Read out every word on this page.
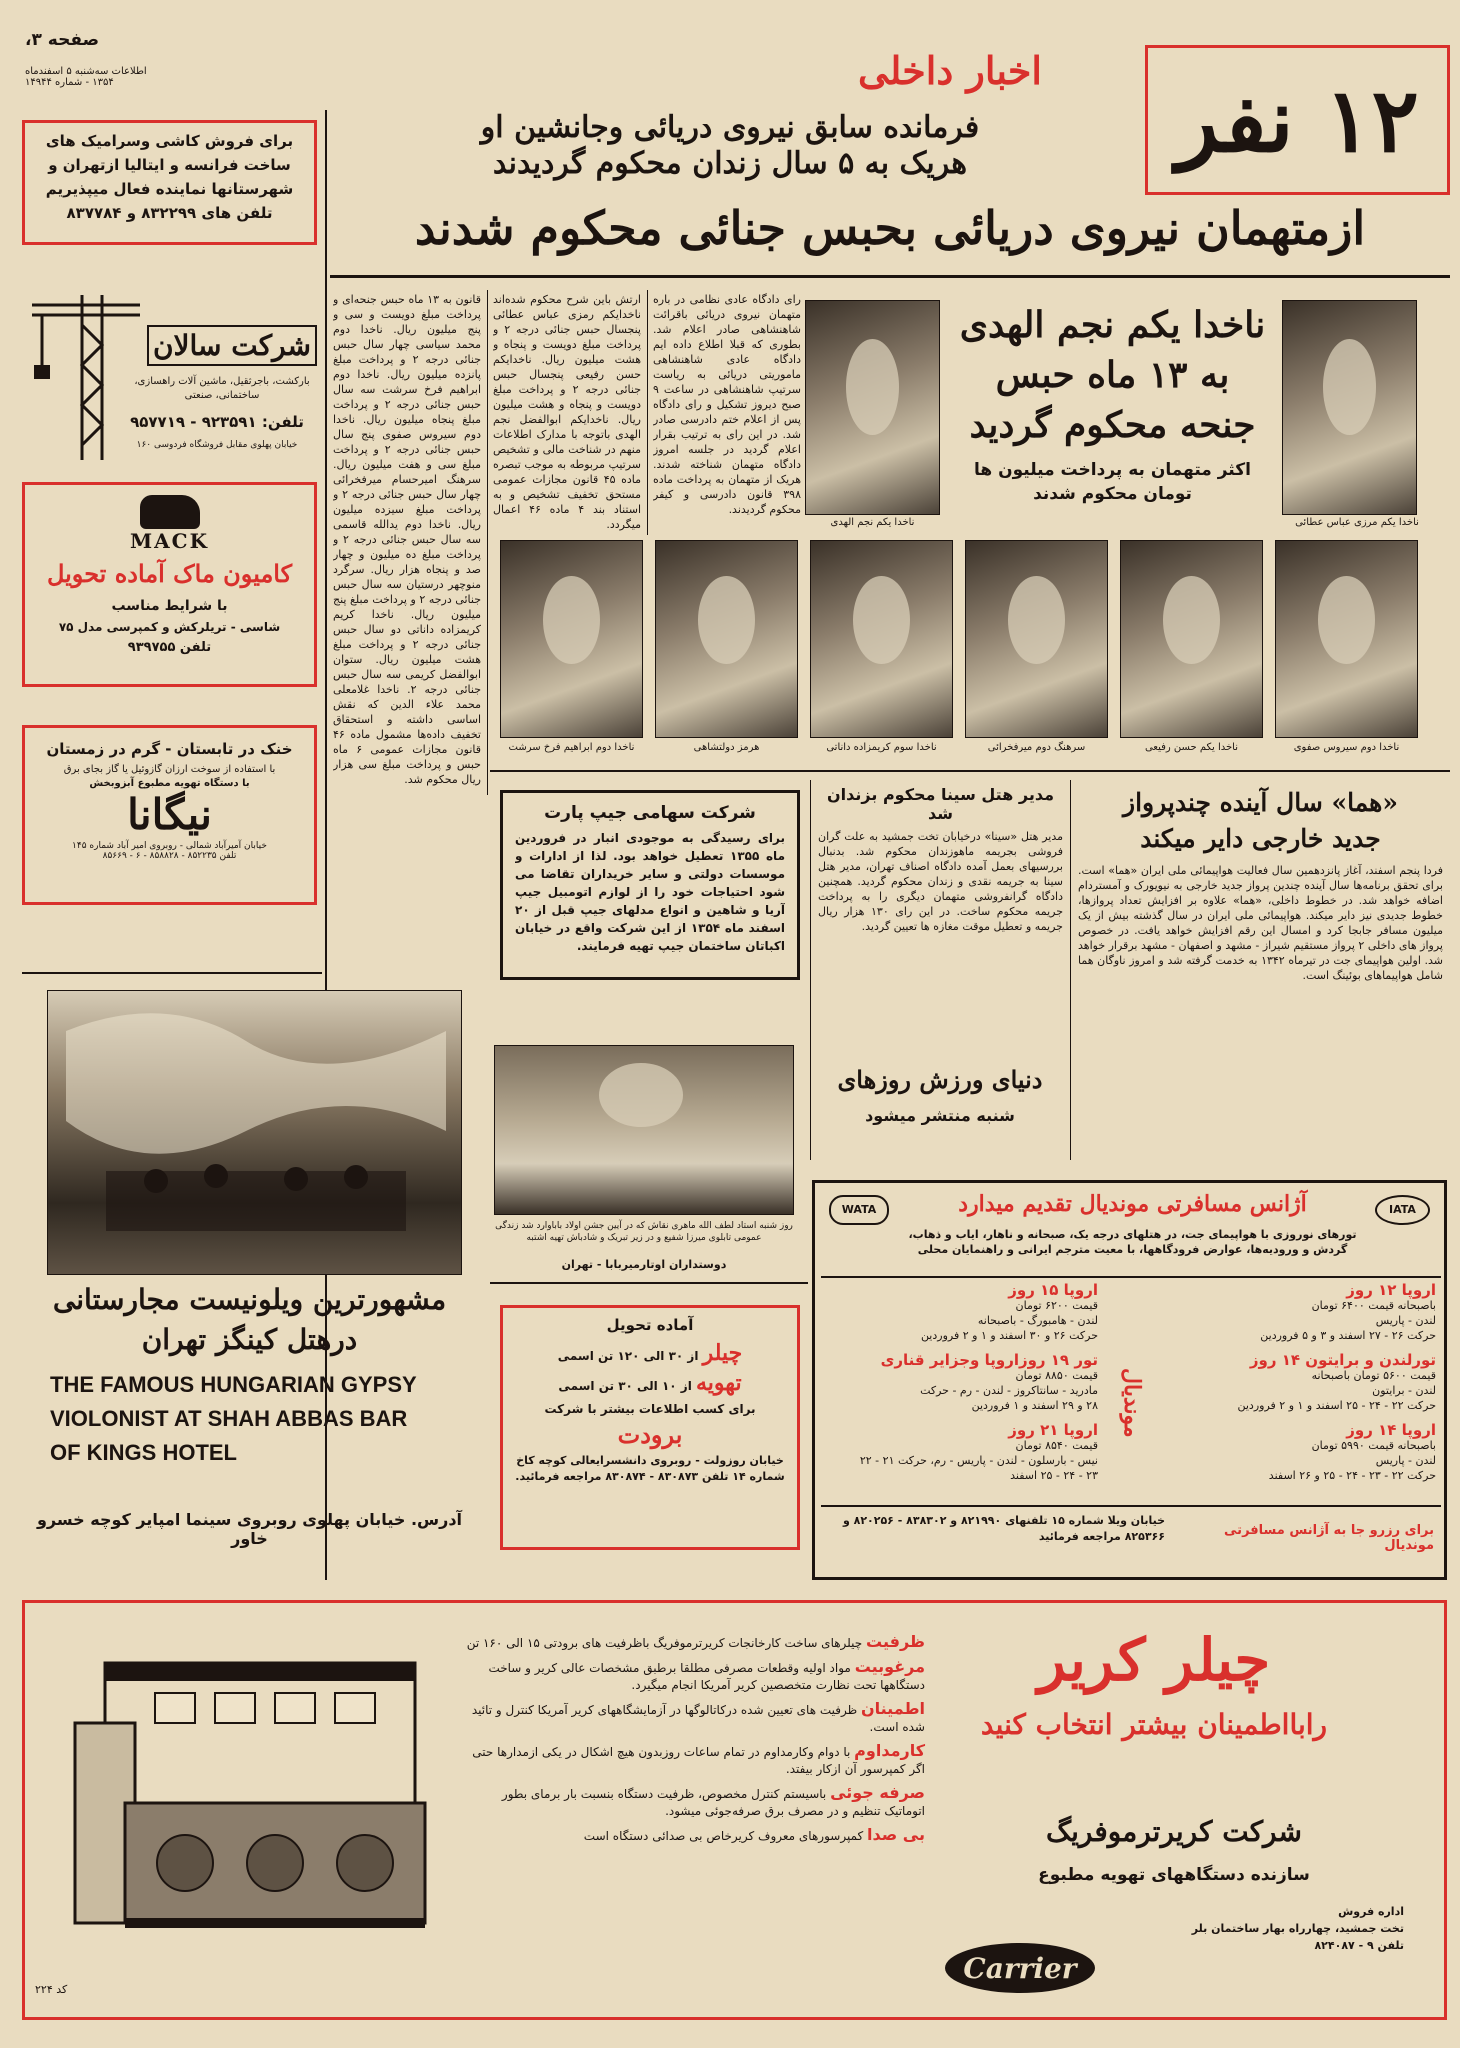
صفحه ۳،
اطلاعات سه‌شنبه ۵ اسفندماه
۱۳۵۴ - شماره ۱۴۹۴۴	اخبار داخلی	۱۲ نفر
فرمانده سابق نیروی دریائی وجانشین او
هریک به ۵ سال زندان محکوم گردیدند
ازمتهمان نیروی دریائی بحبس جنائی محکوم شدند
برای فروش کاشی وسرامیک های
ساخت فرانسه و ایتالیا ازتهران و
شهرستانها نماینده فعال میپذیریم
تلفن های ۸۳۲۲۹۹ و ۸۳۷۷۸۴
شرکت سالان
بارکشت، باجرثقیل، ماشین آلات راهسازی، ساختمانی، صنعتی
تلفن: ۹۲۳۵۹۱ - ۹۵۷۷۱۹
خیابان پهلوی مقابل فروشگاه فردوسی ۱۶۰
MACK
کامیون ماک آماده تحویل
با شرایط مناسب
شاسی - تریلرکش و کمپرسی مدل ۷۵
تلفن ۹۳۹۷۵۵
خنک در تابستان - گرم در زمستان
با استفاده از سوخت ارزان گازوئیل یا گاز بجای برق
با دستگاه تهویه مطبوع آبزوبخش
نیگانا
خیابان آمیرآباد شمالی - روبروی امیر آباد شماره ۱۴۵
تلفن ۸۵۲۲۳۵ - ۸۵۸۸۲۸ - ۶ - ۸۵۶۶۹
مشهورترین ویلونیست مجارستانی
درهتل کینگز تهران
THE FAMOUS HUNGARIAN GYPSY
VIOLONIST AT SHAH ABBAS BAR
OF KINGS HOTEL
آدرس. خیابان پهلوی روبروی سینما امپایر کوچه خسرو خاور
قانون به ۱۳ ماه حبس جنحه‌ای و پرداخت مبلغ دویست و سی و پنج میلیون ریال. ناخدا دوم محمد سیاسی چهار سال حبس جنائی درجه ۲ و پرداخت مبلغ پانزده میلیون ریال. ناخدا دوم ابراهیم فرخ سرشت سه سال حبس جنائی درجه ۲ و پرداخت مبلغ پنجاه میلیون ریال. ناخدا دوم سیروس صفوی پنج سال حبس جنائی درجه ۲ و پرداخت مبلغ سی و هفت میلیون ریال. سرهنگ امیرحسام میرفخرائی چهار سال حبس جنائی درجه ۲ و پرداخت مبلغ سیزده میلیون ریال. ناخدا دوم یدالله قاسمی سه سال حبس جنائی درجه ۲ و پرداخت مبلغ ده میلیون و چهار صد و پنجاه هزار ریال. سرگرد منوچهر درستیان سه سال حبس جنائی درجه ۲ و پرداخت مبلغ پنج میلیون ریال. ناخدا کریم کریمزاده داناتی دو سال حبس جنائی درجه ۲ و پرداخت مبلغ هشت میلیون ریال. ستوان ابوالفضل کریمی سه سال حبس جنائی درجه ۲. ناخدا غلامعلی محمد علاء الدین که نقش اساسی داشته و استحقاق تخفیف داده‌ها مشمول ماده ۴۶ قانون مجازات عمومی ۶ ماه حبس و پرداخت مبلغ سی هزار ریال محکوم شد.
ارتش باین شرح محکوم شده‌اند ناخدایکم رمزی عباس عطائی پنجسال حبس جنائی درجه ۲ و پرداخت مبلغ دویست و پنجاه و هشت میلیون ریال. ناخدایکم حسن رفیعی پنجسال حبس جنائی درجه ۲ و پرداخت مبلغ دویست و پنجاه و هشت میلیون ریال. ناخدایکم ابوالفضل نجم الهدی باتوجه با مدارک اطلاعات منهم در شناخت مالی و تشخیص سرتیپ مربوطه به موجب تبصره ماده ۴۵ قانون مجازات عمومی مستحق تخفیف تشخیص و به استناد بند ۴ ماده ۴۶ اعمال میگردد.
رای دادگاه عادی نظامی در باره متهمان نیروی دریائی باقرائت شاهنشاهی صادر اعلام شد. بطوری که قبلا اطلاع داده ایم دادگاه عادی شاهنشاهی ماموریتی دریائی به ریاست سرتیپ شاهنشاهی در ساعت ۹ صبح دیروز تشکیل و رای دادگاه پس از اعلام ختم دادرسی صادر شد. در این رای به ترتیب بقرار اعلام گردید در جلسه امروز دادگاه متهمان شناخته شدند. هریک از متهمان به پرداخت ماده ۳۹۸ قانون دادرسی و کیفر محکوم گردیدند.
ناخدا یکم نجم الهدی	ناخدا یکم مرزی عباس عطائی
ناخدا یکم نجم الهدی
به ۱۳ ماه حبس
جنحه محکوم گردید
اکثر متهمان به پرداخت میلیون ها
تومان محکوم شدند
ناخدا دوم سیروس صفوی
ناخدا یکم حسن رفیعی
سرهنگ دوم میرفخرائی
ناخدا سوم کریمزاده داناتی
هرمز دولتشاهی
ناخدا دوم ابراهیم فرخ سرشت
شرکت سهامی جیپ پارت
برای رسیدگی به موجودی انبار در فروردین ماه ۱۳۵۵ تعطیل خواهد بود. لذا از ادارات و موسسات دولتی و سایر خریداران تقاضا می شود احتیاجات خود را از لوازم اتومبیل جیپ آریا و شاهین و انواع مدلهای جیپ قبل از ۲۰ اسفند ماه ۱۳۵۴ از این شرکت واقع در خیابان اکباتان ساختمان جیپ تهیه فرمایند.
مدیر هتل سینا محکوم بزندان شد
مدیر هتل «سینا» درخیابان تخت جمشید به علت گران فروشی بجریمه ماهوزندان محکوم شد. بدنبال بررسیهای بعمل آمده دادگاه اصناف تهران، مدیر هتل سینا به جریمه نقدی و زندان محکوم گردید. همچنین دادگاه گرانفروشی متهمان دیگری را به پرداخت جریمه محکوم ساخت. در این رای ۱۳۰ هزار ریال جریمه و تعطیل موقت مغازه ها تعیین گردید.
«هما» سال آینده چندپرواز
جدید خارجی دایر میکند
فردا پنجم اسفند، آغاز پانزدهمین سال فعالیت هواپیمائی ملی ایران «هما» است. برای تحقق برنامه‌ها سال آینده چندین پرواز جدید خارجی به نیویورک و آمستردام اضافه خواهد شد. در خطوط داخلی، «هما» علاوه بر افزایش تعداد پروازها، خطوط جدیدی نیز دایر میکند. هواپیمائی ملی ایران در سال گذشته بیش از یک میلیون مسافر جابجا کرد و امسال این رقم افزایش خواهد یافت. در خصوص پرواز های داخلی ۲ پرواز مستقیم شیراز - مشهد و اصفهان - مشهد برقرار خواهد شد. اولین هواپیمای جت در تیرماه ۱۳۴۲ به خدمت گرفته شد و امروز ناوگان هما شامل هواپیماهای بوئینگ است.
روز شنبه استاد لطف الله ماهری نقاش که در آیین جشن اولاد باباوارد شد زندگی عمومی تابلوی میرزا شفیع و در زیر تبریک و شادباش تهیه اشتبه
دوستداران اوتارمیربابا - تهران
دنیای ورزش روزهای
شنبه منتشر میشود
آماده تحویل
چیلر از ۳۰ الی ۱۲۰ تن اسمی
تهویه از ۱۰ الی ۳۰ تن اسمی
برای کسب اطلاعات بیشتر با شرکت
برودت
خیابان روزولت - روبروی دانشسرایعالی کوچه کاخ شماره ۱۴ تلفن ۸۳۰۸۷۳ - ۸۳۰۸۷۴ مراجعه فرمائید.
WATA	IATA
آژانس مسافرتی موندیال تقدیم میدارد
تورهای نوروزی با هواپیمای جت، در هتلهای درجه یک، صبحانه و ناهار، ایاب و ذهاب، گردش و ورودیه‌ها، عوارض فرودگاهها، با معیت مترجم ایرانی و راهنمایان محلی
موندیال
اروپا ۱۲ روز
باصبحانه قیمت ۶۴۰۰ تومان
لندن - پاریس
حرکت ۲۶ - ۲۷ اسفند و ۳ و ۵ فروردین
تورلندن و برایتون ۱۴ روز
قیمت ۵۶۰۰ تومان باصبحانه
لندن - برایتون
حرکت ۲۲ - ۲۴ - ۲۵ اسفند و ۱ و ۲ فروردین
اروپا ۱۴ روز
باصبحانه قیمت ۵۹۹۰ تومان
لندن - پاریس
حرکت ۲۲ - ۲۳ - ۲۴ - ۲۵ و ۲۶ اسفند
اروپا ۱۵ روز
قیمت ۶۲۰۰ تومان
لندن - هامبورگ - باصبحانه
حرکت ۲۶ و ۳۰ اسفند و ۱ و ۲ فروردین
تور ۱۹ روزاروپا وجزایر قناری
قیمت ۸۸۵۰ تومان
مادرید - سانتاکروز - لندن - رم - حرکت
۲۸ و ۲۹ اسفند و ۱ فروردین
اروپا ۲۱ روز
قیمت ۸۵۴۰ تومان
نیس - بارسلون - لندن - پاریس - رم، حرکت ۲۱ - ۲۲
۲۳ - ۲۴ - ۲۵ اسفند
برای رزرو جا به آژانس مسافرتی موندیال
خیابان ویلا شماره ۱۵ تلفنهای ۸۲۱۹۹۰ و ۸۳۸۳۰۲ - ۸۲۰۲۵۶ و ۸۲۵۳۶۶ مراجعه فرمائید
چیلر کریر
رابااطمینان بیشتر انتخاب کنید
شرکت کریرترموفریگ
سازنده دستگاههای تهویه مطبوع
اداره فروش
تخت جمشید، چهارراه بهار ساختمان بلر
تلفن ۹ - ۸۲۴۰۸۷
Carrier
ظرفیت چیلرهای ساخت کارخانجات کریرترموفریگ باظرفیت های برودتی ۱۵ الی ۱۶۰ تن
مرغوبیت مواد اولیه وقطعات مصرفی مطلقا برطبق مشخصات عالی کریر و ساخت دستگاهها تحت نظارت متخصصین کریر آمریکا انجام میگیرد.
اطمینان ظرفیت های تعیین شده درکاتالوگها در آزمایشگاههای کریر آمریکا کنترل و تائید شده است.
کارمداوم با دوام وکارمداوم در تمام ساعات روزبدون هیچ اشکال در یکی ازمدارها حتی اگر کمپرسور آن ازکار بیفتد.
صرفه جوئی باسیستم کنترل مخصوص، ظرفیت دستگاه بنسبت بار برمای بطور اتوماتیک تنظیم و در مصرف برق صرفه‌جوئی میشود.
بی صدا کمپرسورهای معروف کریرخاص بی صدائی دستگاه است
کد ۲۲۴
